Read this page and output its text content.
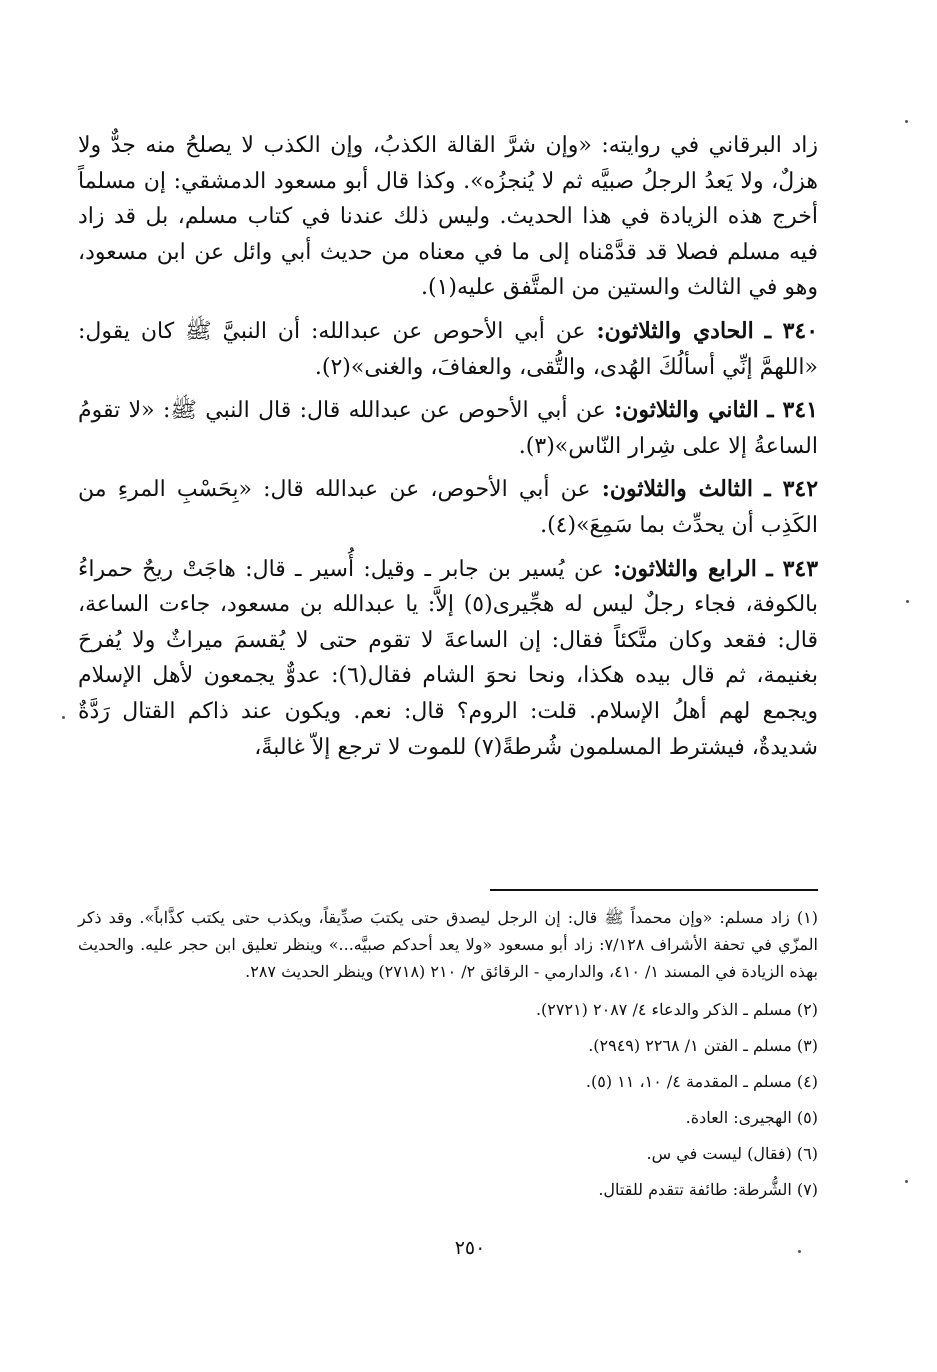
زاد البرقاني في روايته: «وإن شرَّ القالة الكذبُ، وإن الكذب لا يصلحُ منه جدٌّ ولا هزلٌ، ولا يَعدُ الرجلُ صبيَّه ثم لا يُنجزُه». وكذا قال أبو مسعود الدمشقي: إن مسلماً أخرج هذه الزيادة في هذا الحديث. وليس ذلك عندنا في كتاب مسلم، بل قد زاد فيه مسلم فصلا قد قدَّمْناه إلى ما في معناه من حديث أبي وائل عن ابن مسعود، وهو في الثالث والستين من المتَّفق عليه(١).

٣٤٠ ـ الحادي والثلاثون: عن أبي الأحوص عن عبدالله: أن النبيَّ ﷺ كان يقول: «اللهمَّ إنِّي أسألُكَ الهُدى، والتُّقى، والعفافَ، والغنى»(٢).

٣٤١ ـ الثاني والثلاثون: عن أبي الأحوص عن عبدالله قال: قال النبي ﷺ: «لا تقومُ الساعةُ إلا على شِرار النّاس»(٣).

٣٤٢ ـ الثالث والثلاثون: عن أبي الأحوص، عن عبدالله قال: «بِحَسْبِ المرءِ من الكَذِب أن يحدِّث بما سَمِعَ»(٤).

٣٤٣ ـ الرابع والثلاثون: عن يُسير بن جابر ـ وقيل: أُسير ـ قال: هاجَتْ ريحٌ حمراءُ بالكوفة، فجاء رجلٌ ليس له هجِّيرى(٥) إلاَّ: يا عبدالله بن مسعود، جاءت الساعة، قال: فقعد وكان متَّكئاً فقال: إن الساعةَ لا تقوم حتى لا يُقسمَ ميراثٌ ولا يُفرحَ بغنيمة، ثم قال بيده هكذا، ونحا نحوَ الشام فقال(٦): عدوٌّ يجمعون لأهل الإسلام ويجمع لهم أهلُ الإسلام. قلت: الروم؟ قال: نعم. ويكون عند ذاكم القتال رَدَّةٌ شديدةٌ، فيشترط المسلمون شُرطةً(٧) للموت لا ترجع إلاّ غالبةً،

(١) زاد مسلم: «وإن محمداً ﷺ قال: إن الرجل ليصدق حتى يكتبَ صدِّيقاً، ويكذب حتى يكتب كذَّاباً». وقد ذكر المزّي في تحفة الأشراف ٧/١٢٨: زاد أبو مسعود «ولا يعد أحدكم صبيَّه...» وينظر تعليق ابن حجر عليه. والحديث بهذه الزيادة في المسند ١/ ٤١٠، والدارمي - الرقائق ٢/ ٢١٠ (٢٧١٨) وينظر الحديث ٢٨٧.

(٢) مسلم ـ الذكر والدعاء ٤/ ٢٠٨٧ (٢٧٢١).

(٣) مسلم ـ الفتن ١/ ٢٢٦٨ (٢٩٤٩).

(٤) مسلم ـ المقدمة ٤/ ١٠، ١١ (٥).

(٥) الهجيرى: العادة.

(٦) (فقال) ليست في س.

(٧) الشُّرطة: طائفة تتقدم للقتال.

٢٥٠
